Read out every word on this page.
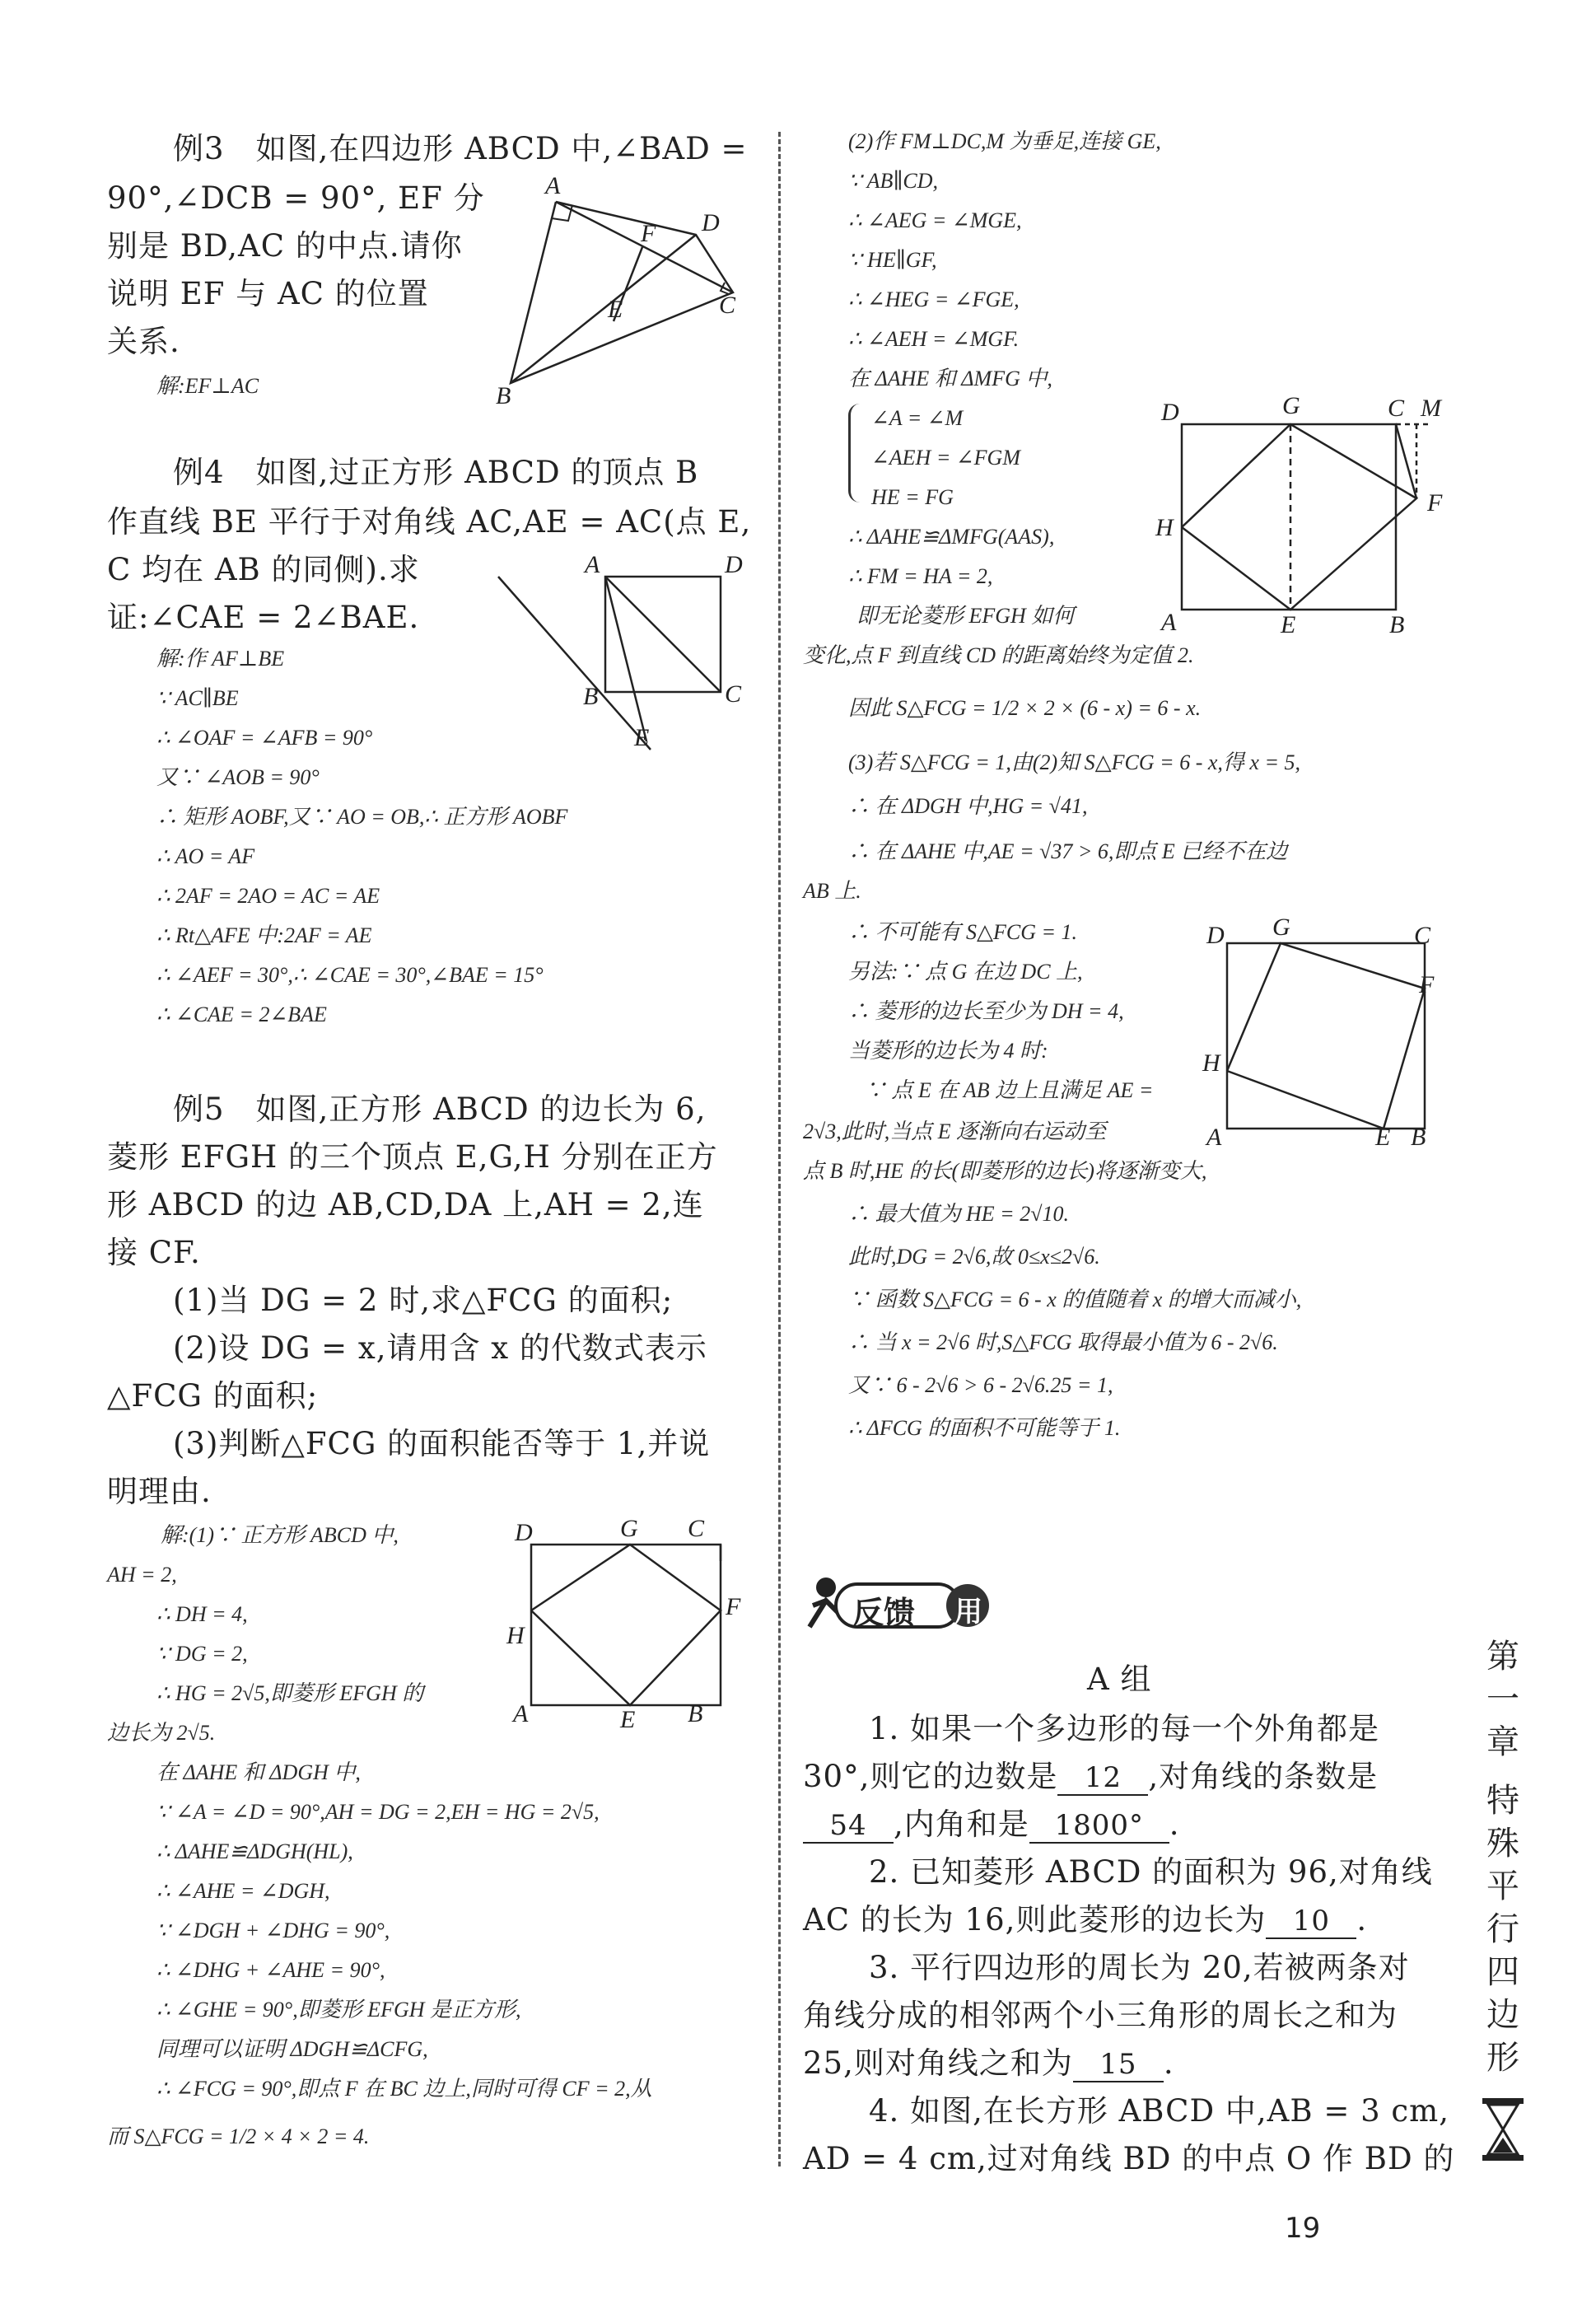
例3　如图,在四边形 ABCD 中,∠BAD =
90°,∠DCB = 90°, EF 分
别是 BD,AC 的中点.请你
说明 EF 与 AC 的位置
关系.
解:EF⊥AC
A
D
F
E	C
B
例4　如图,过正方形 ABCD 的顶点 B
作直线 BE 平行于对角线 AC,AE = AC(点 E,
C 均在 AB 的同侧).求
证:∠CAE = 2∠BAE.
解:作 AF⊥BE
∵ AC∥BE
∴ ∠OAF = ∠AFB = 90°
又∵ ∠AOB = 90°
∴ 矩形 AOBF,又∵ AO = OB,∴ 正方形 AOBF
∴ AO = AF
∴ 2AF = 2AO = AC = AE
∴ Rt△AFE 中:2AF = AE
∴ ∠AEF = 30°,∴ ∠CAE = 30°,∠BAE = 15°
∴ ∠CAE = 2∠BAE
A	D
B	C
E
例5　如图,正方形 ABCD 的边长为 6,
菱形 EFGH 的三个顶点 E,G,H 分别在正方
形 ABCD 的边 AB,CD,DA 上,AH = 2,连
接 CF.
(1)当 DG = 2 时,求△FCG 的面积;
(2)设 DG = x,请用含 x 的代数式表示
△FCG 的面积;
(3)判断△FCG 的面积能否等于 1,并说
明理由.
解:(1)∵ 正方形 ABCD 中,
AH = 2,
∴ DH = 4,
∵ DG = 2,
∴ HG = 2√5,即菱形 EFGH 的
边长为 2√5.
在 ΔAHE 和 ΔDGH 中,
∵ ∠A = ∠D = 90°,AH = DG = 2,EH = HG = 2√5,
∴ ΔAHE≌ΔDGH(HL),
∴ ∠AHE = ∠DGH,
∵ ∠DGH + ∠DHG = 90°,
∴ ∠DHG + ∠AHE = 90°,
∴ ∠GHE = 90°,即菱形 EFGH 是正方形,
同理可以证明 ΔDGH≌ΔCFG,
∴ ∠FCG = 90°,即点 F 在 BC 边上,同时可得 CF = 2,从
而 S△FCG = 1/2 × 4 × 2 = 4.
D	G C
F
H
A	E B
(2)作 FM⊥DC,M 为垂足,连接 GE,
∵ AB∥CD,
∴ ∠AEG = ∠MGE,
∵ HE∥GF,
∴ ∠HEG = ∠FGE,
∴ ∠AEH = ∠MGF.
在 ΔAHE 和 ΔMFG 中,
∠A = ∠M
∠AEH = ∠FGM
HE = FG
∴ ΔAHE≌ΔMFG(AAS),
∴ FM = HA = 2,
即无论菱形 EFGH 如何
变化,点 F 到直线 CD 的距离始终为定值 2.
因此 S△FCG = 1/2 × 2 × (6 - x) = 6 - x.
D	G	C M
F
H
A	E	B
(3)若 S△FCG = 1,由(2)知 S△FCG = 6 - x,得 x = 5,
∴ 在 ΔDGH 中,HG = √41,
∴ 在 ΔAHE 中,AE = √37 > 6,即点 E 已经不在边
AB 上.
∴ 不可能有 S△FCG = 1.
另法:∵ 点 G 在边 DC 上,
∴ 菱形的边长至少为 DH = 4,
当菱形的边长为 4 时:
∵ 点 E 在 AB 边上且满足 AE =
2√3,此时,当点 E 逐渐向右运动至
点 B 时,HE 的长(即菱形的边长)将逐渐变大,
∴ 最大值为 HE = 2√10.
此时,DG = 2√6,故 0≤x≤2√6.
∵ 函数 S△FCG = 6 - x 的值随着 x 的增大而减小,
∴ 当 x = 2√6 时,S△FCG 取得最小值为 6 - 2√6.
又∵ 6 - 2√6 > 6 - 2√6.25 = 1,
∴ ΔFCG 的面积不可能等于 1.
D G	C
F
H
A	E B
反馈 用
A 组
1. 如果一个多边形的每一个外角都是
30°,则它的边数是 12 ,对角线的条数是
54 ,内角和是 1800° .
2. 已知菱形 ABCD 的面积为 96,对角线
AC 的长为 16,则此菱形的边长为 10 .
3. 平行四边形的周长为 20,若被两条对
角线分成的相邻两个小三角形的周长之和为
25,则对角线之和为 15 .
4. 如图,在长方形 ABCD 中,AB = 3 cm,
AD = 4 cm,过对角线 BD 的中点 O 作 BD 的
第
一
章
特
殊
平
行
四
边
形
19
